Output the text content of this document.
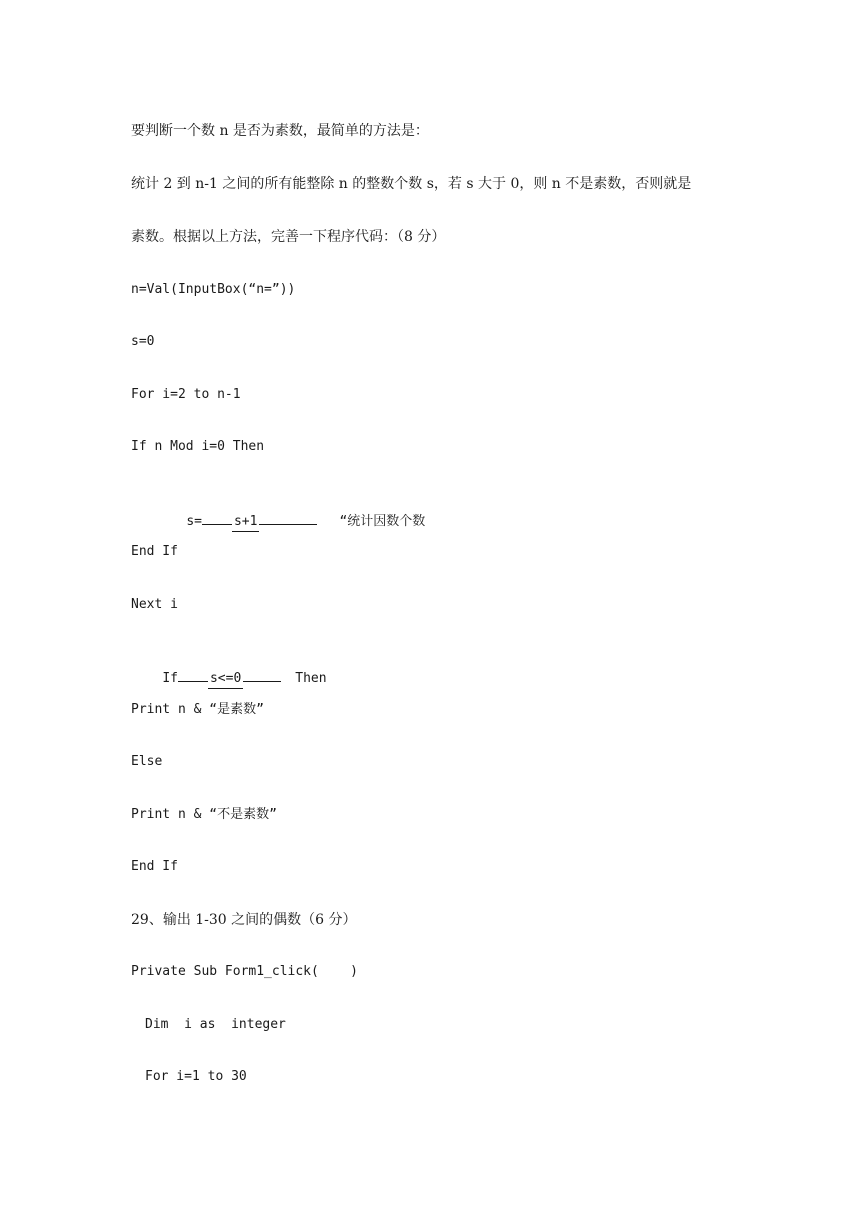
要判断一个数 n 是否为素数，最简单的方法是：
统计 2 到 n-1 之间的所有能整除 n 的整数个数 s，若 s 大于 0，则 n 不是素数，否则就是
素数。根据以上方法，完善一下程序代码：（8 分）
n=Val(InputBox(“n=”))
s=0
For i=2 to n-1
If n Mod i=0 Then

s= s+1	“统计因数个数

End If
Next i

If s<=0	Then

Print n & “是素数”
Else
Print n & “不是素数”
End If
29、输出 1-30 之间的偶数（6 分）
Private Sub Form1_click(    )
Dim  i as  integer
For i=1 to 30
